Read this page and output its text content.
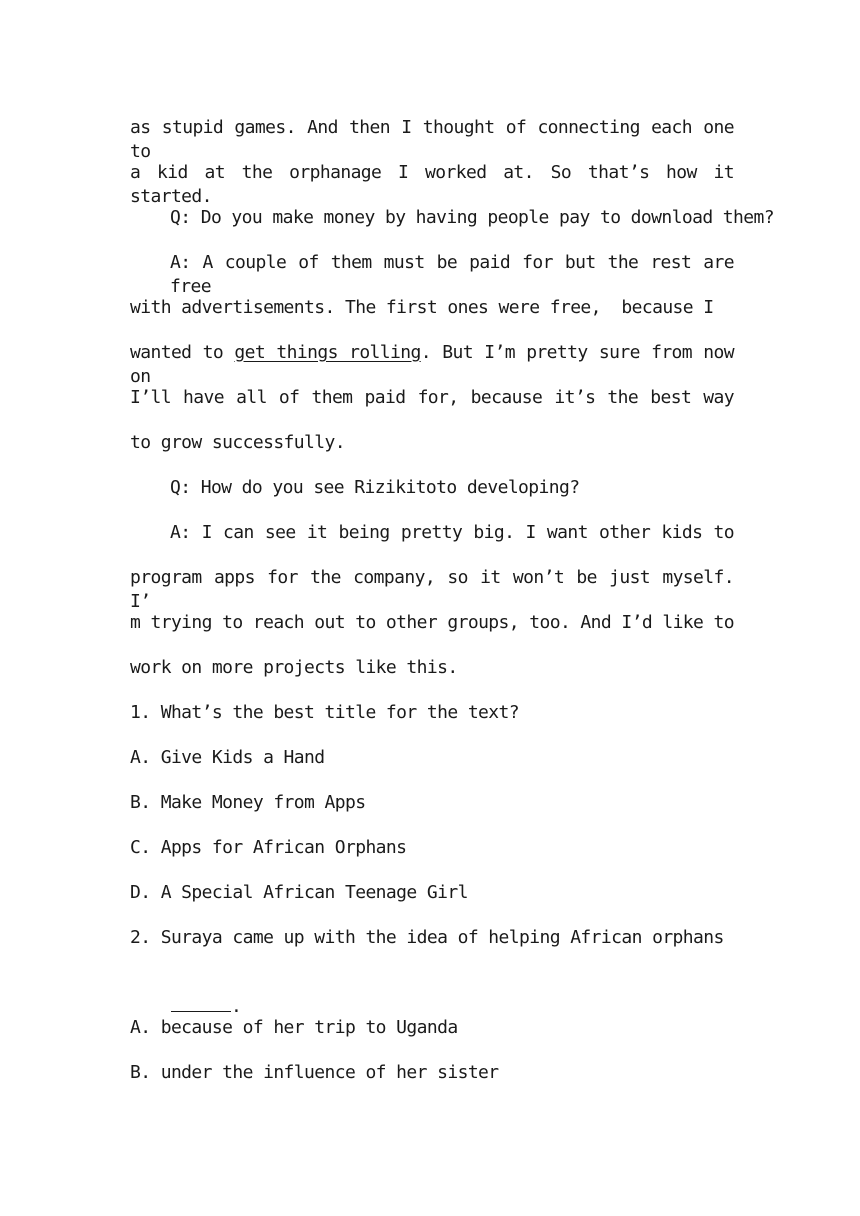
as stupid games. And then I thought of connecting each one to
a kid at the orphanage I worked at. So that’s how it started.
Q: Do you make money by having people pay to download them?
A: A couple of them must be paid for but the rest are free
with advertisements. The first ones were free,  because I
wanted to get things rolling. But I’m pretty sure from now on
I’ll have all of them paid for, because it’s the best way
to grow successfully.
Q: How do you see Rizikitoto developing?
A: I can see it being pretty big. I want other kids to
program apps for the company, so it won’t be just myself. I’
m trying to reach out to other groups, too. And I’d like to
work on more projects like this.
1. What’s the best title for the text?
A. Give Kids a Hand
B. Make Money from Apps
C. Apps for African Orphans
D. A Special African Teenage Girl
2. Suraya came up with the idea of helping African orphans

.

A. because of her trip to Uganda
B. under the influence of her sister
